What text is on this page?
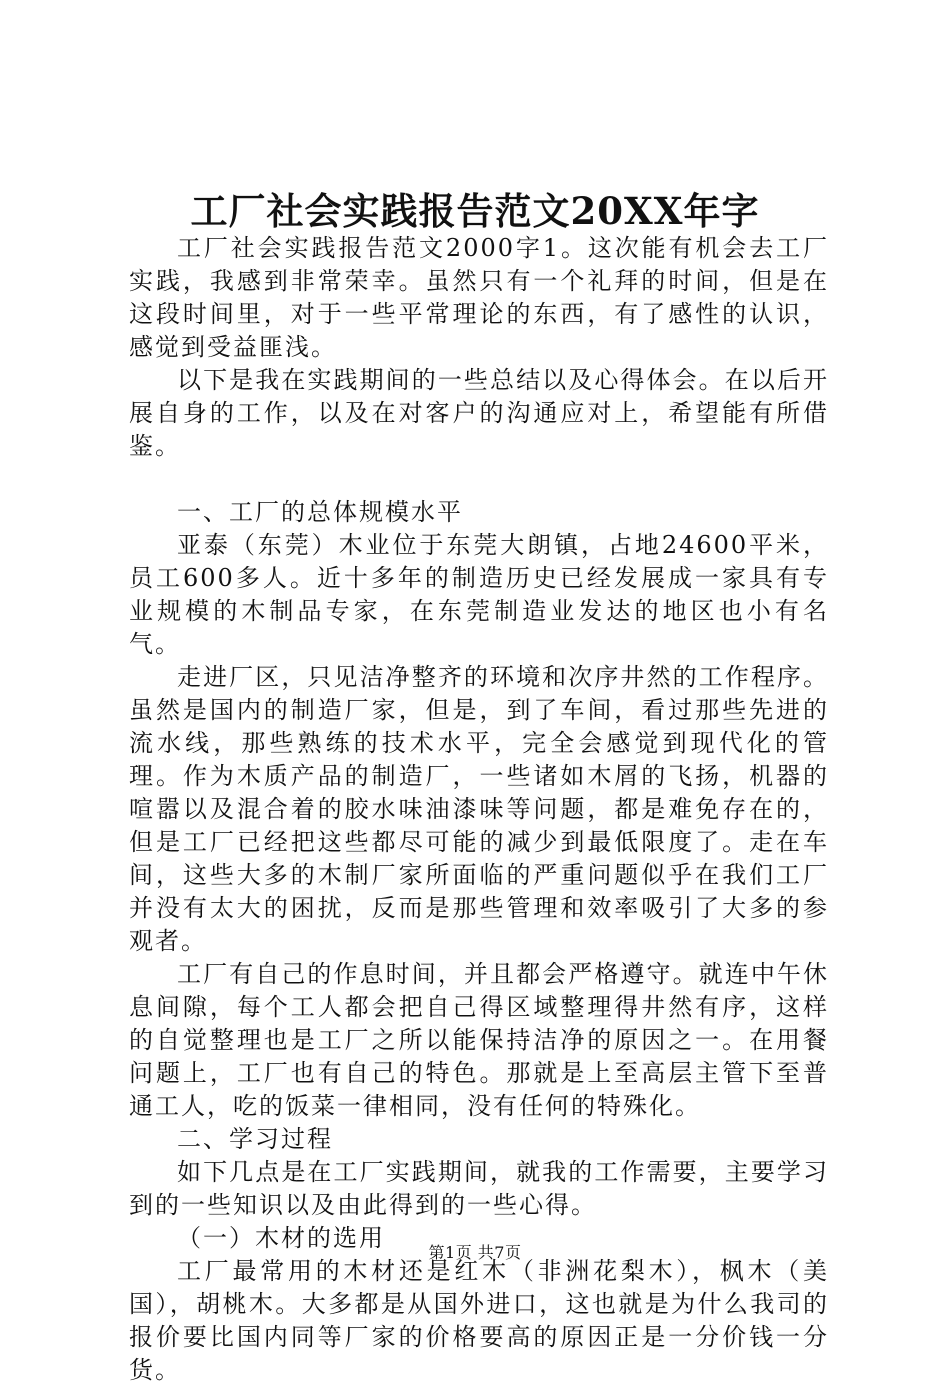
工厂社会实践报告范文20XX年字

工厂社会实践报告范文2000字1。这次能有机会去工厂实践，我感到非常荣幸。虽然只有一个礼拜的时间，但是在这段时间里，对于一些平常理论的东西，有了感性的认识，感觉到受益匪浅。

以下是我在实践期间的一些总结以及心得体会。在以后开展自身的工作，以及在对客户的沟通应对上，希望能有所借鉴。

一、工厂的总体规模水平

亚泰（东莞）木业位于东莞大朗镇，占地24600平米，员工600多人。近十多年的制造历史已经发展成一家具有专业规模的木制品专家，在东莞制造业发达的地区也小有名气。

走进厂区，只见洁净整齐的环境和次序井然的工作程序。虽然是国内的制造厂家，但是，到了车间，看过那些先进的流水线，那些熟练的技术水平，完全会感觉到现代化的管理。作为木质产品的制造厂，一些诸如木屑的飞扬，机器的喧嚣以及混合着的胶水味油漆味等问题，都是难免存在的，但是工厂已经把这些都尽可能的减少到最低限度了。走在车间，这些大多的木制厂家所面临的严重问题似乎在我们工厂并没有太大的困扰，反而是那些管理和效率吸引了大多的参观者。

工厂有自己的作息时间，并且都会严格遵守。就连中午休息间隙，每个工人都会把自己得区域整理得井然有序，这样的自觉整理也是工厂之所以能保持洁净的原因之一。在用餐问题上，工厂也有自己的特色。那就是上至高层主管下至普通工人，吃的饭菜一律相同，没有任何的特殊化。

二、学习过程

如下几点是在工厂实践期间，就我的工作需要，主要学习到的一些知识以及由此得到的一些心得。

（一）木材的选用

工厂最常用的木材还是红木（非洲花梨木），枫木（美国），胡桃木。大多都是从国外进口，这也就是为什么我司的报价要比国内同等厂家的价格要高的原因正是一分价钱一分货。

第1页 共7页
